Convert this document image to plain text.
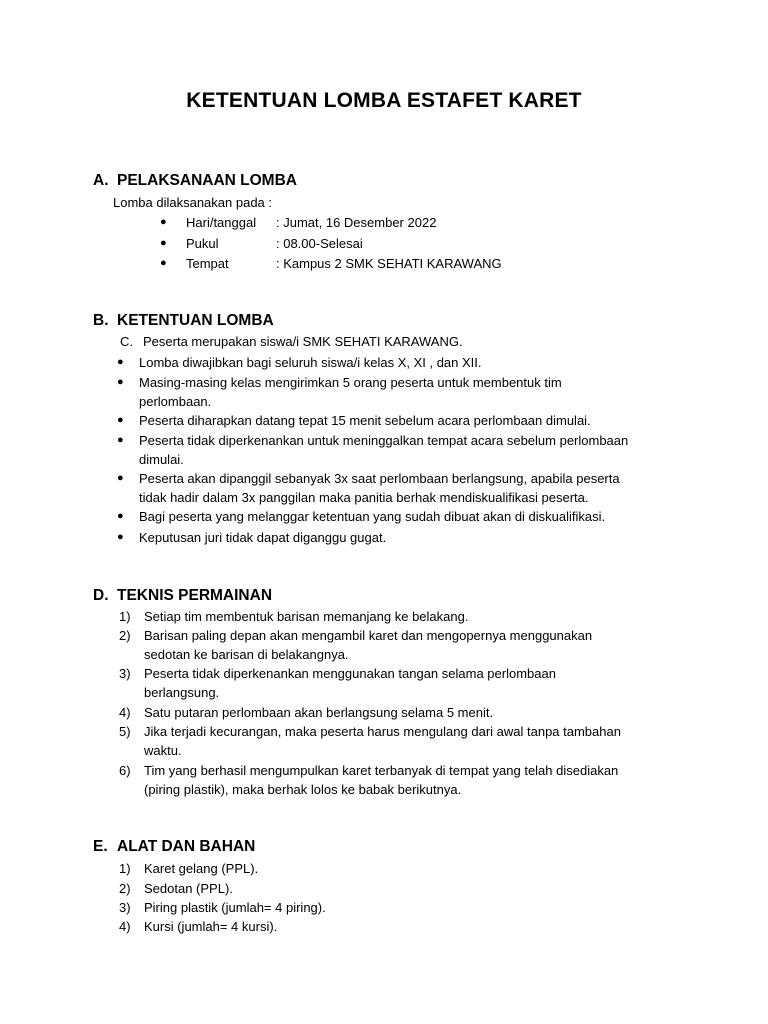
KETENTUAN LOMBA ESTAFET KARET
A. PELAKSANAAN LOMBA
Lomba dilaksanakan pada :
● Hari/tanggal : Jumat, 16 Desember 2022
● Pukul	: 08.00-Selesai
● Tempat	: Kampus 2 SMK SEHATI KARAWANG
B. KETENTUAN LOMBA
C. Peserta merupakan siswa/i SMK SEHATI KARAWANG.
● Lomba diwajibkan bagi seluruh siswa/i kelas X, XI , dan XII.
● Masing-masing kelas mengirimkan 5 orang peserta untuk membentuk tim
perlombaan.
● Peserta diharapkan datang tepat 15 menit sebelum acara perlombaan dimulai.
● Peserta tidak diperkenankan untuk meninggalkan tempat acara sebelum perlombaan
dimulai.
● Peserta akan dipanggil sebanyak 3x saat perlombaan berlangsung, apabila peserta
tidak hadir dalam 3x panggilan maka panitia berhak mendiskualifikasi peserta.
● Bagi peserta yang melanggar ketentuan yang sudah dibuat akan di diskualifikasi.
● Keputusan juri tidak dapat diganggu gugat.
D. TEKNIS PERMAINAN
1) Setiap tim membentuk barisan memanjang ke belakang.
2) Barisan paling depan akan mengambil karet dan mengopernya menggunakan
sedotan ke barisan di belakangnya.
3) Peserta tidak diperkenankan menggunakan tangan selama perlombaan
berlangsung.
4) Satu putaran perlombaan akan berlangsung selama 5 menit.
5) Jika terjadi kecurangan, maka peserta harus mengulang dari awal tanpa tambahan
waktu.
6) Tim yang berhasil mengumpulkan karet terbanyak di tempat yang telah disediakan
(piring plastik), maka berhak lolos ke babak berikutnya.
E. ALAT DAN BAHAN
1) Karet gelang (PPL).
2) Sedotan (PPL).
3) Piring plastik (jumlah= 4 piring).
4) Kursi (jumlah= 4 kursi).
